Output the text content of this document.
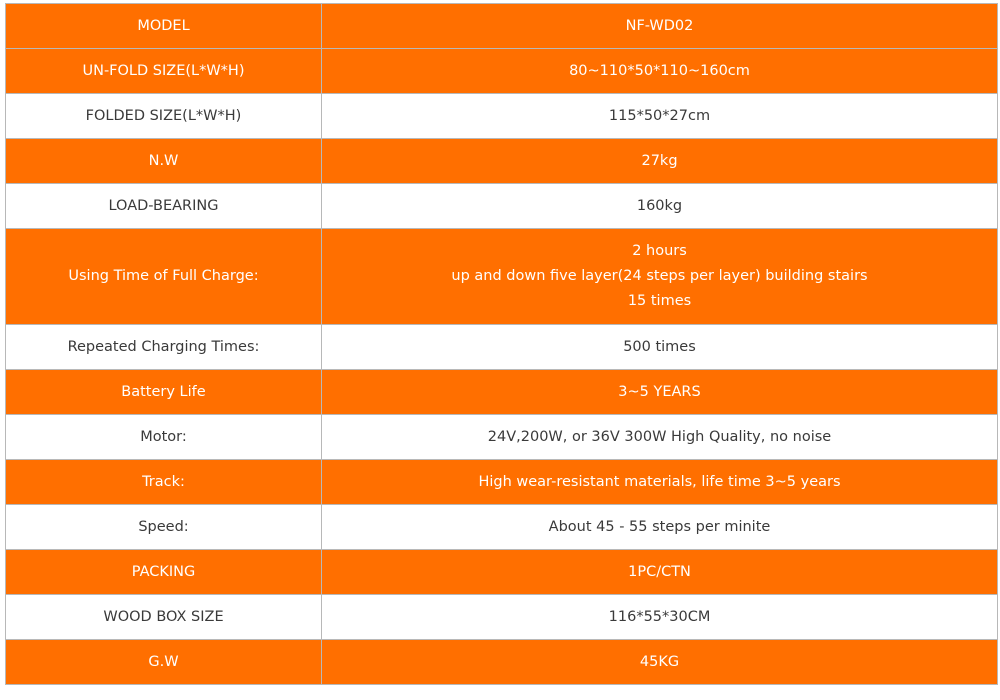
MODEL	NF-WD02
UN-FOLD SIZE(L*W*H)	80~110*50*110~160cm
FOLDED SIZE(L*W*H)	115*50*27cm
N.W	27kg
LOAD-BEARING	160kg
Using Time of Full Charge:	2 hours
up and down five layer(24 steps per layer) building stairs
15 times

Repeated Charging Times:	500 times
Battery Life	3~5 YEARS
Motor:	24V,200W, or 36V 300W High Quality, no noise
Track:	High wear-resistant materials, life time 3~5 years
Speed:	About 45 - 55 steps per minite
PACKING	1PC/CTN
WOOD BOX SIZE	116*55*30CM
G.W	45KG
